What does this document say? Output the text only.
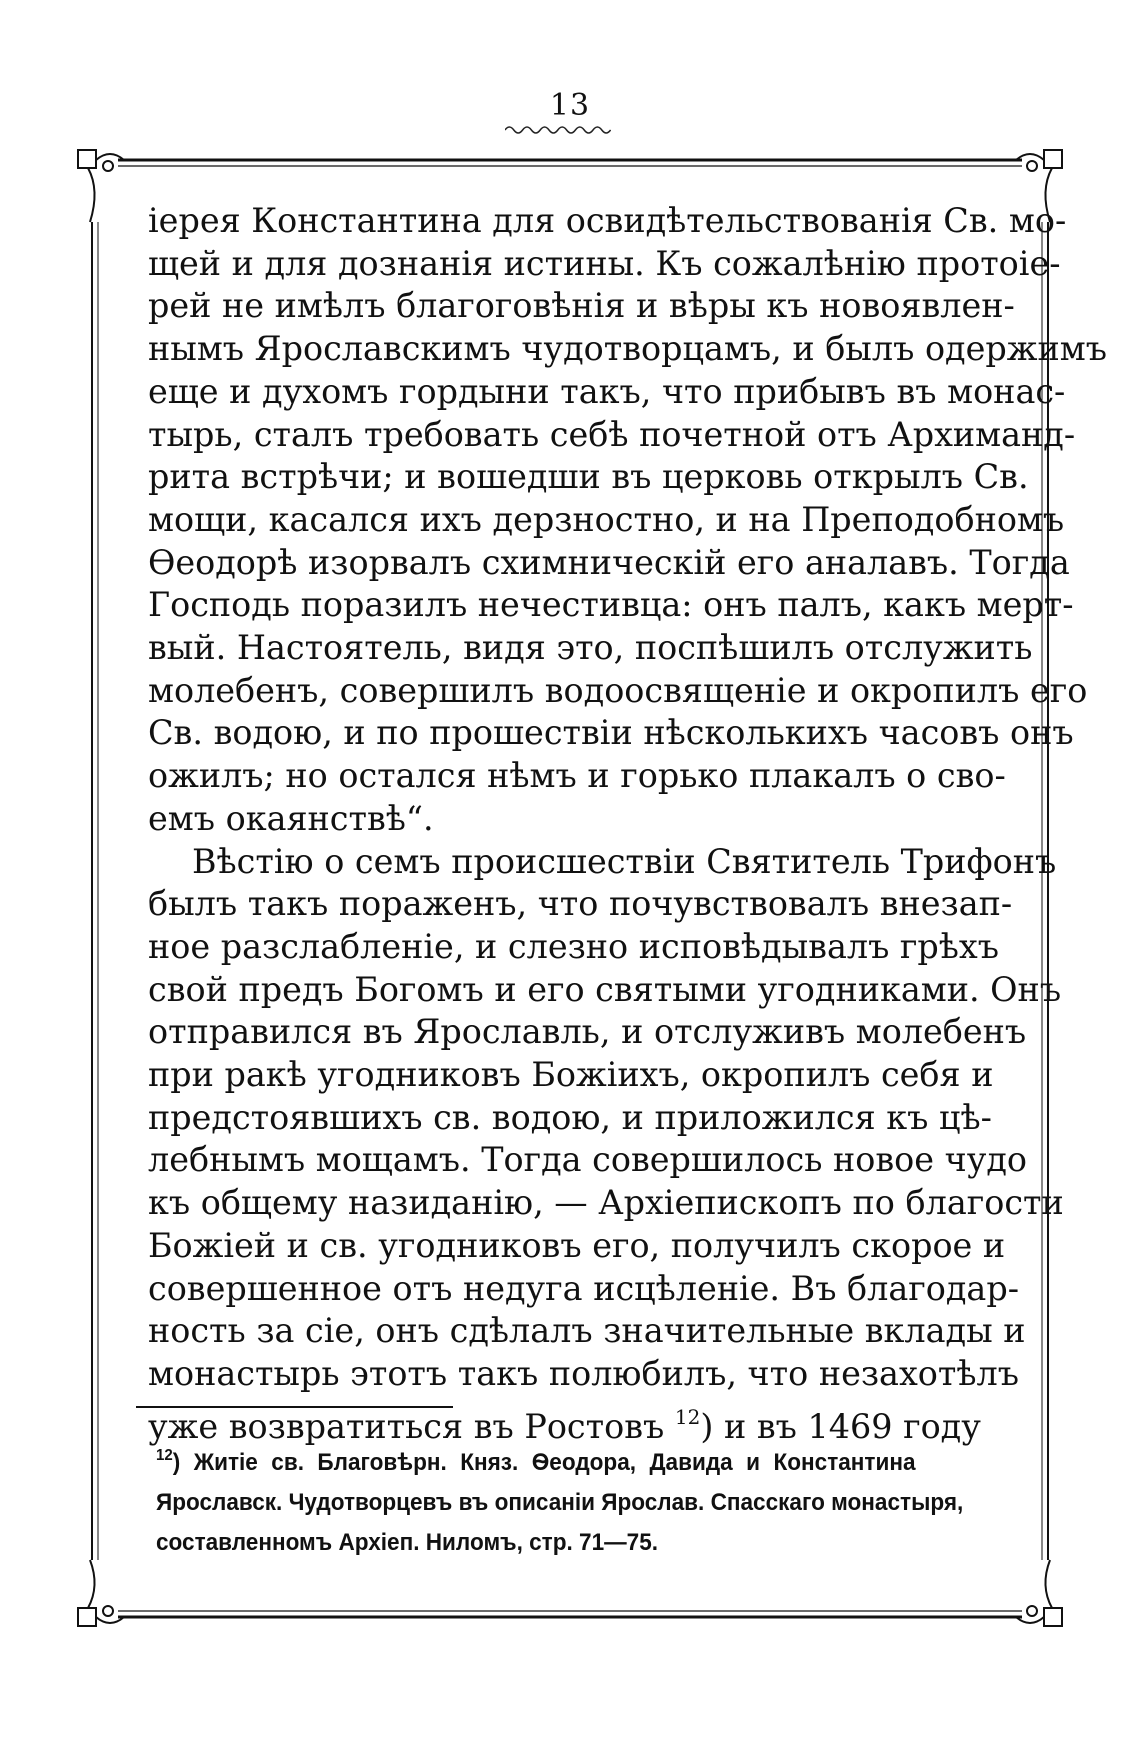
13
іерея Константина для освидѣтельствованія Св. мо-
щей и для дознанія истины. Къ сожалѣнію протоіе-
рей не имѣлъ благоговѣнія и вѣры къ новоявлен-
нымъ Ярославскимъ чудотворцамъ, и былъ одержимъ
еще и духомъ гордыни такъ, что прибывъ въ монас-
тырь, сталъ требовать себѣ почетной отъ Архиманд-
рита встрѣчи; и вошедши въ церковь открылъ Св.
мощи, касался ихъ дерзностно, и на Преподобномъ
Ѳеодорѣ изорвалъ схимническій его аналавъ. Тогда
Господь поразилъ нечестивца: онъ палъ, какъ мерт-
вый. Настоятель, видя это, поспѣшилъ отслужить
молебенъ, совершилъ водоосвященіе и окропилъ его
Св. водою, и по прошествіи нѣсколькихъ часовъ онъ
ожилъ; но остался нѣмъ и горько плакалъ о сво-
емъ окаянствѣ“.
Вѣстію о семъ происшествіи Святитель Трифонъ
былъ такъ пораженъ, что почувствовалъ внезап-
ное разслабленіе, и слезно исповѣдывалъ грѣхъ
свой предъ Богомъ и его святыми угодниками. Онъ
отправился въ Ярославль, и отслуживъ молебенъ
при ракѣ угодниковъ Божіихъ, окропилъ себя и
предстоявшихъ св. водою, и приложился къ цѣ-
лебнымъ мощамъ. Тогда совершилось новое чудо
къ общему назиданію, — Архіепископъ по благости
Божіей и св. угодниковъ его, получилъ скорое и
совершенное отъ недуга исцѣленіе. Въ благодар-
ность за сіе, онъ сдѣлалъ значительные вклады и
монастырь этотъ такъ полюбилъ, что незахотѣлъ
уже возвратиться въ Ростовъ $^{12}$) и въ 1469 году
$^{12}$) Житіе св. Благовѣрн. Княз. Ѳеодора, Давида и Константина
Ярославск. Чудотворцевъ въ описаніи Ярослав. Спасскаго монастыря,
составленномъ Архіеп. Ниломъ, стр. 71—75.
